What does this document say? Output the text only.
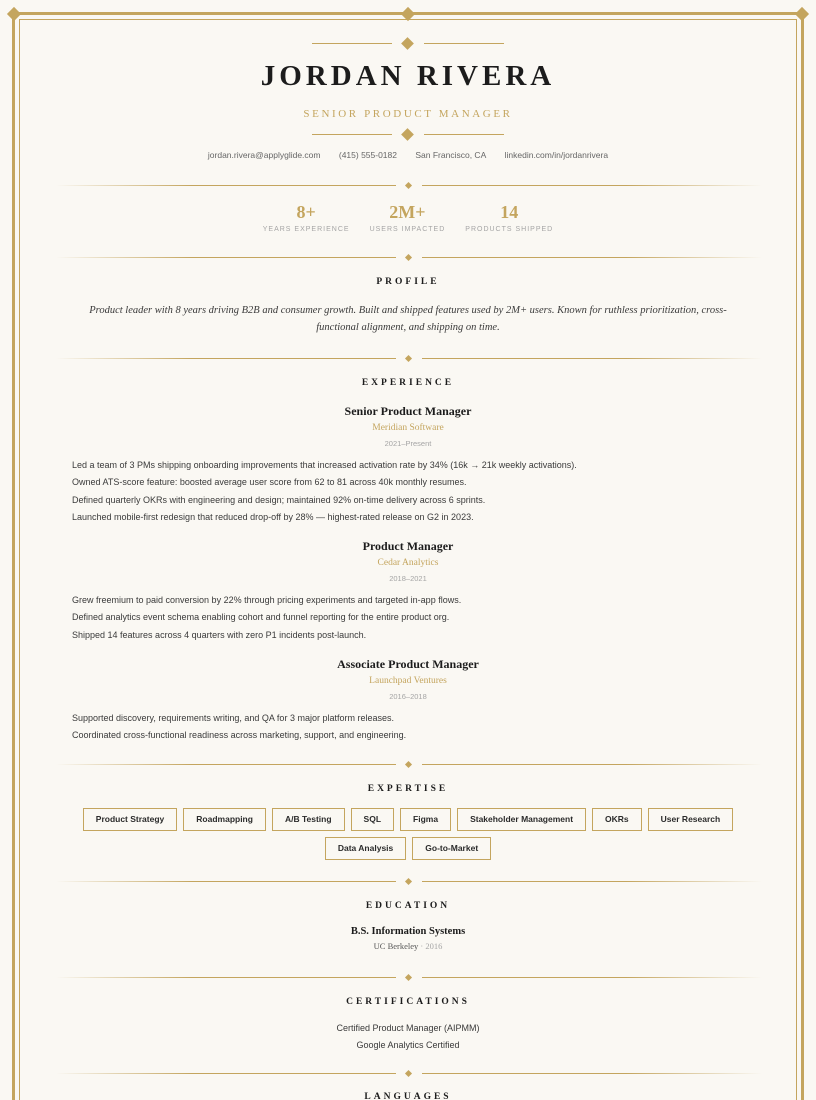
JORDAN RIVERA
SENIOR PRODUCT MANAGER
jordan.rivera@applyglide.com (415) 555-0182 San Francisco, CA linkedin.com/in/jordanrivera
8+
YEARS EXPERIENCE
2M+
USERS IMPACTED
14
PRODUCTS SHIPPED
PROFILE
Product leader with 8 years driving B2B and consumer growth. Built and shipped features used by 2M+ users. Known for ruthless prioritization, cross-functional alignment, and shipping on time.
EXPERIENCE
Senior Product Manager
Meridian Software
2021–Present
Led a team of 3 PMs shipping onboarding improvements that increased activation rate by 34% (16k → 21k weekly activations).
Owned ATS-score feature: boosted average user score from 62 to 81 across 40k monthly resumes.
Defined quarterly OKRs with engineering and design; maintained 92% on-time delivery across 6 sprints.
Launched mobile-first redesign that reduced drop-off by 28% — highest-rated release on G2 in 2023.
Product Manager
Cedar Analytics
2018–2021
Grew freemium to paid conversion by 22% through pricing experiments and targeted in-app flows.
Defined analytics event schema enabling cohort and funnel reporting for the entire product org.
Shipped 14 features across 4 quarters with zero P1 incidents post-launch.
Associate Product Manager
Launchpad Ventures
2016–2018
Supported discovery, requirements writing, and QA for 3 major platform releases.
Coordinated cross-functional readiness across marketing, support, and engineering.
EXPERTISE
Product Strategy	Roadmapping	A/B Testing	SQL	Figma	Stakeholder Management	OKRs	User Research
Data Analysis	Go-to-Market
EDUCATION
B.S. Information Systems
UC Berkeley · 2016
CERTIFICATIONS
Certified Product Manager (AIPMM)
Google Analytics Certified
LANGUAGES
